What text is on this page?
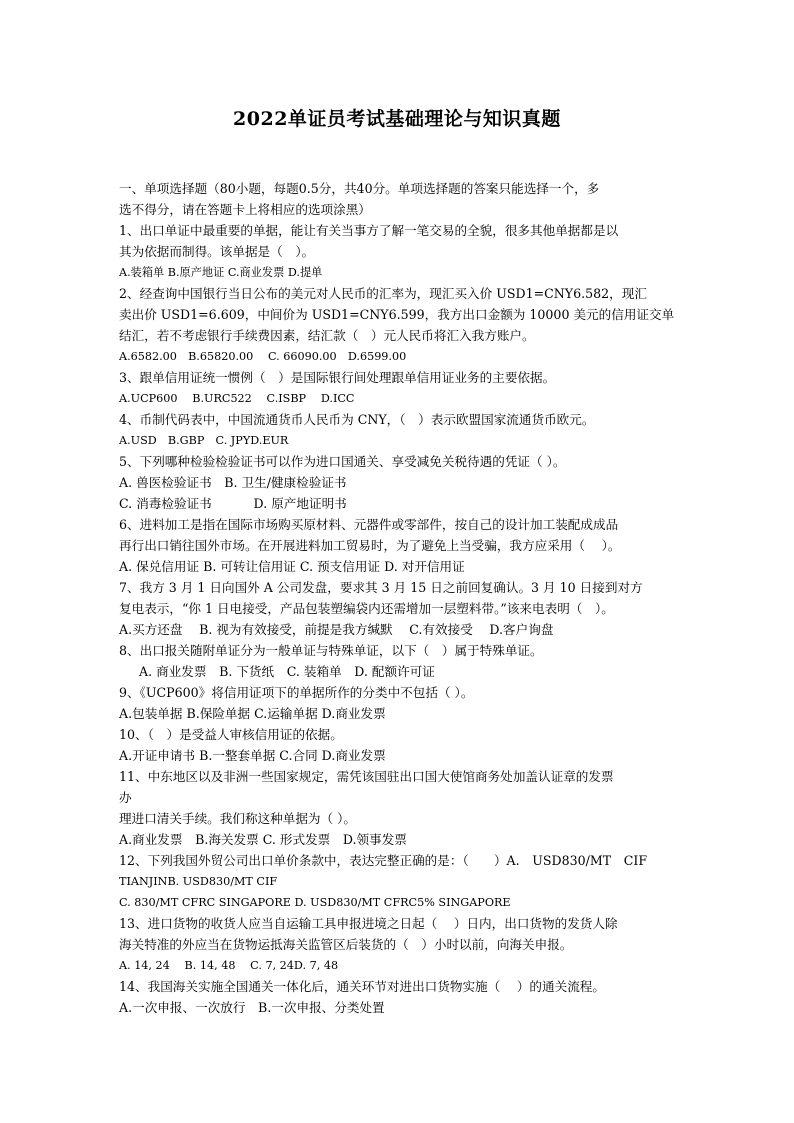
2022单证员考试基础理论与知识真题
一、单项选择题（80小题，每题0.5分，共40分。单项选择题的答案只能选择一个，多
选不得分，请在答题卡上将相应的选项涂黑）
1、出口单证中最重要的单据，能让有关当事方了解一笔交易的全貌，很多其他单据都是以
其为依据而制得。该单据是（　）。
A.装箱单 B.原产地证 C.商业发票 D.提单
2、经查询中国银行当日公布的美元对人民币的汇率为，现汇买入价 USD1=CNY6.582，现汇
卖出价 USD1=6.609，中间价为 USD1=CNY6.599，我方出口金额为 10000 美元的信用证交单
结汇，若不考虑银行手续费因素，结汇款（　）元人民币将汇入我方账户。
A.6582.00　B.65820.00　 C. 66090.00　D.6599.00
3、跟单信用证统一惯例（　）是国际银行间处理跟单信用证业务的主要依据。
A.UCP600　 B.URC522　 C.ISBP　 D.ICC
4、币制代码表中，中国流通货币人民币为 CNY，（　）表示欧盟国家流通货币欧元。
A.USD　B.GBP　C. JPYD.EUR
5、下列哪种检验检验证书可以作为进口国通关、享受减免关税待遇的凭证（ ）。
A. 兽医检验证书　B. 卫生/健康检验证书
C. 消毒检验证书　　　 D. 原产地证明书
6、进料加工是指在国际市场购买原材料、元器件或零部件，按自己的设计加工装配成成品
再行出口销往国外市场。在开展进料加工贸易时，为了避免上当受骗，我方应采用（　 ）。
A. 保兑信用证 B. 可转让信用证 C. 预支信用证 D. 对开信用证
7、我方 3 月 1 日向国外 A 公司发盘，要求其 3 月 15 日之前回复确认。3 月 10 日接到对方
复电表示，“你 1 日电接受，产品包装塑编袋内还需增加一层塑料带。”该来电表明（　）。
A.买方还盘　 B. 视为有效接受，前提是我方缄默　 C.有效接受　 D.客户询盘
8、出口报关随附单证分为一般单证与特殊单证，以下（　）属于特殊单证。
A. 商业发票　B. 下货纸　C. 装箱单　D. 配额许可证
9、《UCP600》将信用证项下的单据所作的分类中不包括（ ）。
A.包装单据 B.保险单据 C.运输单据 D.商业发票
10、（　）是受益人审核信用证的依据。
A.开证申请书 B.一整套单据 C.合同 D.商业发票
11、中东地区以及非洲一些国家规定，需凭该国驻出口国大使馆商务处加盖认证章的发票
办
理进口清关手续。我们称这种单据为（ ）。
A.商业发票　B.海关发票 C. 形式发票　D.领事发票
12、下列我国外贸公司出口单价条款中，表达完整正确的是：（　　）A.　USD830/MT　CIF
TIANJINB. USD830/MT CIF
C. 830/MT CFRC SINGAPORE D. USD830/MT CFRC5% SINGAPORE
13、进口货物的收货人应当自运输工具申报进境之日起（　 ）日内，出口货物的发货人除
海关特准的外应当在货物运抵海关监管区后装货的（　）小时以前，向海关申报。
A. 14, 24　 B. 14, 48　 C. 7, 24D. 7, 48
14、我国海关实施全国通关一体化后，通关环节对进出口货物实施（　 ）的通关流程。
A.一次申报、一次放行　B.一次申报、分类处置
